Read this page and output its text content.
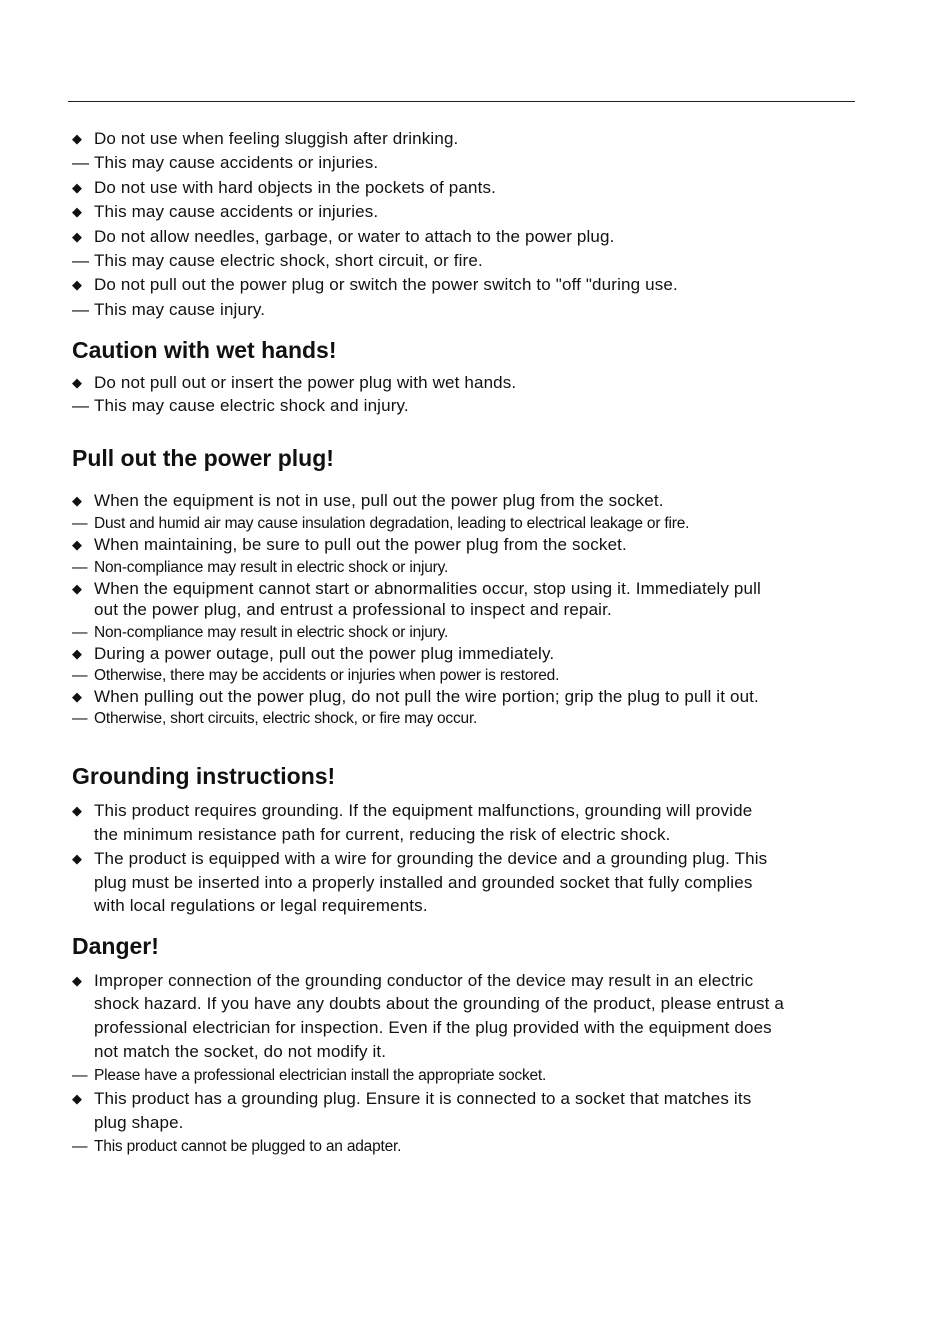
◆ Do not use when feeling sluggish after drinking.
— This may cause accidents or injuries.
◆ Do not use with hard objects in the pockets of pants.
◆ This may cause accidents or injuries.
◆ Do not allow needles, garbage, or water to attach to the power plug.
— This may cause electric shock, short circuit, or fire.
◆ Do not pull out the power plug or switch the power switch to "off "during use.
— This may cause injury.
Caution with wet hands!
◆ Do not pull out or insert the power plug with wet hands.
— This may cause electric shock and injury.
Pull out the power plug!
◆ When the equipment is not in use, pull out the power plug from the socket.
— Dust and humid air may cause insulation degradation, leading to electrical leakage or fire.
◆ When maintaining, be sure to pull out the power plug from the socket.
— Non-compliance may result in electric shock or injury.
◆ When the equipment cannot start or abnormalities occur, stop using it. Immediately pull
out the power plug, and entrust a professional to inspect and repair.
— Non-compliance may result in electric shock or injury.
◆ During a power outage, pull out the power plug immediately.
— Otherwise, there may be accidents or injuries when power is restored.
◆ When pulling out the power plug, do not pull the wire portion; grip the plug to pull it out.
— Otherwise, short circuits, electric shock, or fire may occur.
Grounding instructions!
◆ This product requires grounding. If the equipment malfunctions, grounding will provide
the minimum resistance path for current, reducing the risk of electric shock.
◆ The product is equipped with a wire for grounding the device and a grounding plug. This
plug must be inserted into a properly installed and grounded socket that fully complies
with local regulations or legal requirements.
Danger!
◆ Improper connection of the grounding conductor of the device may result in an electric
shock hazard. If you have any doubts about the grounding of the product, please entrust a
professional electrician for inspection. Even if the plug provided with the equipment does
not match the socket, do not modify it.
— Please have a professional electrician install the appropriate socket.
◆ This product has a grounding plug. Ensure it is connected to a socket that matches its
plug shape.
— This product cannot be plugged to an adapter.
